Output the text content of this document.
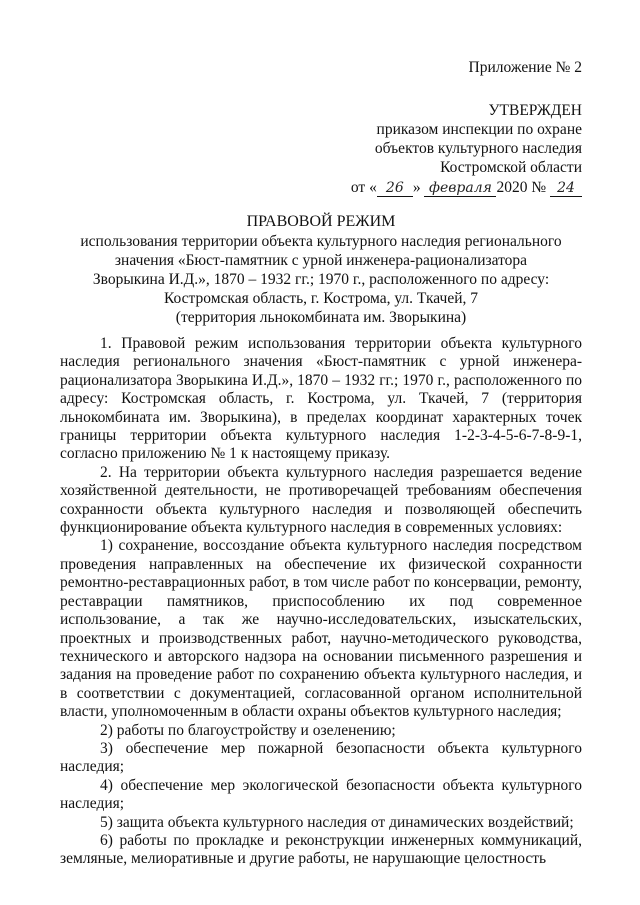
Приложение № 2
УТВЕРЖДЕН
приказом инспекции по охране
объектов культурного наследия
Костромской области
от « 26 » февраля 2020 № 24
ПРАВОВОЙ РЕЖИМ
использования территории объекта культурного наследия регионального
значения «Бюст-памятник с урной инженера-рационализатора
Зворыкина И.Д.», 1870 – 1932 гг.; 1970 г., расположенного по адресу:
Костромская область, г. Кострома, ул. Ткачей, 7
(территория льнокомбината им. Зворыкина)

1. Правовой режим использования территории объекта культурного наследия регионального значения «Бюст-памятник с урной инженера-рационализатора Зворыкина И.Д.», 1870 – 1932 гг.; 1970 г., расположенного по адресу: Костромская область, г. Кострома, ул. Ткачей, 7 (территория льнокомбината им. Зворыкина), в пределах координат характерных точек границы территории объекта культурного наследия 1-2-3-4-5-6-7-8-9-1, согласно приложению № 1 к настоящему приказу.

2. На территории объекта культурного наследия разрешается ведение хозяйственной деятельности, не противоречащей требованиям обеспечения сохранности объекта культурного наследия и позволяющей обеспечить функционирование объекта культурного наследия в современных условиях:

1) сохранение, воссоздание объекта культурного наследия посредством проведения направленных на обеспечение их физической сохранности ремонтно-реставрационных работ, в том числе работ по консервации, ремонту, реставрации памятников, приспособлению их под современное использование, а так же научно-исследовательских, изыскательских, проектных и производственных работ, научно-методического руководства, технического и авторского надзора на основании письменного разрешения и задания на проведение работ по сохранению объекта культурного наследия, и в соответствии с документацией, согласованной органом исполнительной власти, уполномоченным в области охраны объектов культурного наследия;

2) работы по благоустройству и озеленению;

3) обеспечение мер пожарной безопасности объекта культурного наследия;

4) обеспечение мер экологической безопасности объекта культурного наследия;

5) защита объекта культурного наследия от динамических воздействий;

6) работы по прокладке и реконструкции инженерных коммуникаций, земляные, мелиоративные и другие работы, не нарушающие целостность
